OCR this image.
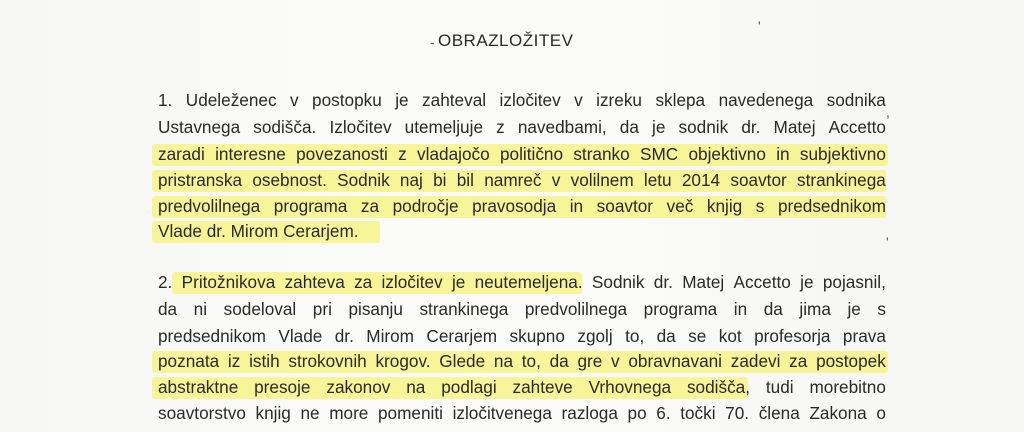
OBRAZLOŽITEV
1. Udeleženec v postopku je zahteval izločitev v izreku sklepa navedenega sodnika
Ustavnega sodišča. Izločitev utemeljuje z navedbami, da je sodnik dr. Matej Accetto
zaradi interesne povezanosti z vladajočo politično stranko SMC objektivno in subjektivno
pristranska osebnost. Sodnik naj bi bil namreč v volilnem letu 2014 soavtor strankinega
predvolilnega programa za področje pravosodja in soavtor več knjig s predsednikom
Vlade dr. Mirom Cerarjem.
2. Pritožnikova zahteva za izločitev je neutemeljena. Sodnik dr. Matej Accetto je pojasnil,
da ni sodeloval pri pisanju strankinega predvolilnega programa in da jima je s
predsednikom Vlade dr. Mirom Cerarjem skupno zgolj to, da se kot profesorja prava
poznata iz istih strokovnih krogov. Glede na to, da gre v obravnavani zadevi za postopek
abstraktne presoje zakonov na podlagi zahteve Vrhovnega sodišča, tudi morebitno
soavtorstvo knjig ne more pomeniti izločitvenega razloga po 6. točki 70. člena Zakona o
-
'
,
'
